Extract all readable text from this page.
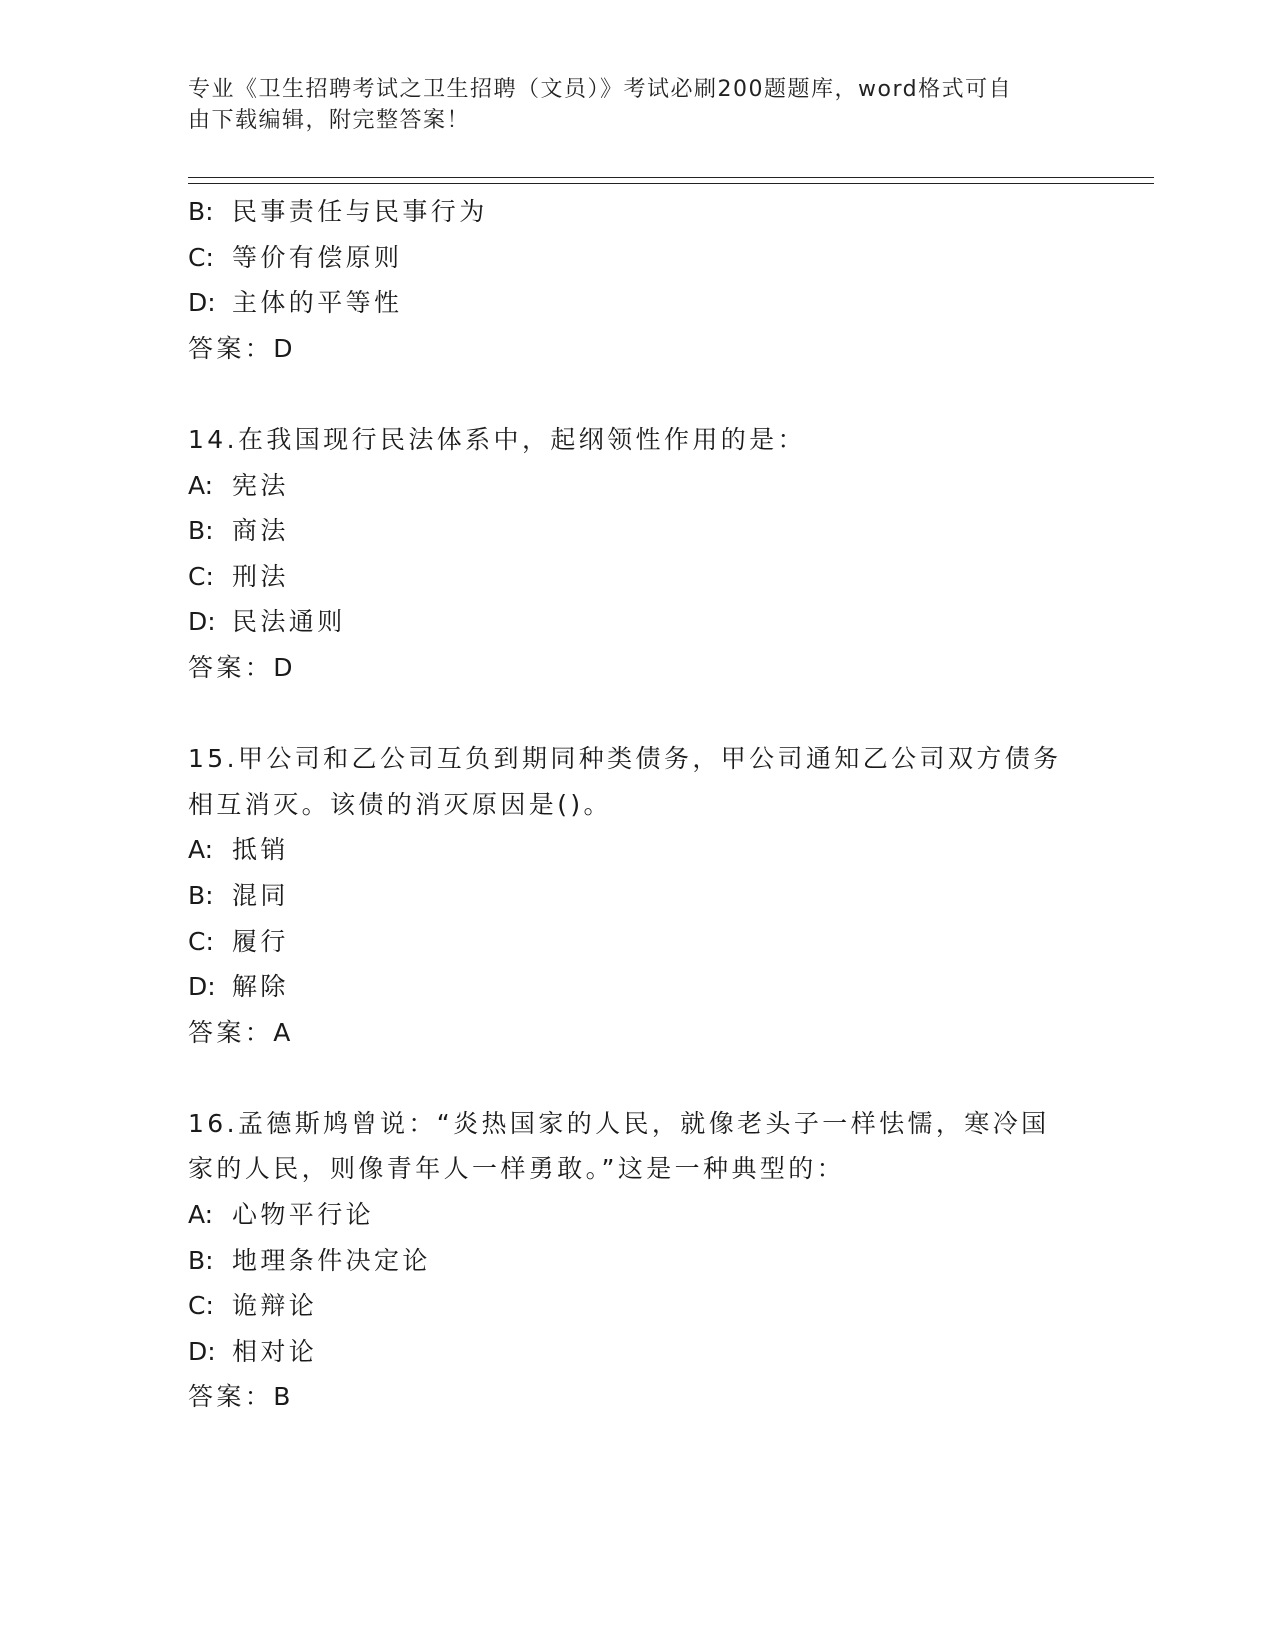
专业《卫生招聘考试之卫生招聘（文员）》考试必刷200题题库，word格式可自
由下载编辑，附完整答案！
B: 民事责任与民事行为
C: 等价有偿原则
D: 主体的平等性
答案：D
14.在我国现行民法体系中，起纲领性作用的是：
A: 宪法
B: 商法
C: 刑法
D: 民法通则
答案：D
15.甲公司和乙公司互负到期同种类债务，甲公司通知乙公司双方债务
相互消灭。该债的消灭原因是()。
A: 抵销
B: 混同
C: 履行
D: 解除
答案：A
16.孟德斯鸠曾说：“炎热国家的人民，就像老头子一样怯懦，寒冷国
家的人民，则像青年人一样勇敢。”这是一种典型的：
A: 心物平行论
B: 地理条件决定论
C: 诡辩论
D: 相对论
答案：B
